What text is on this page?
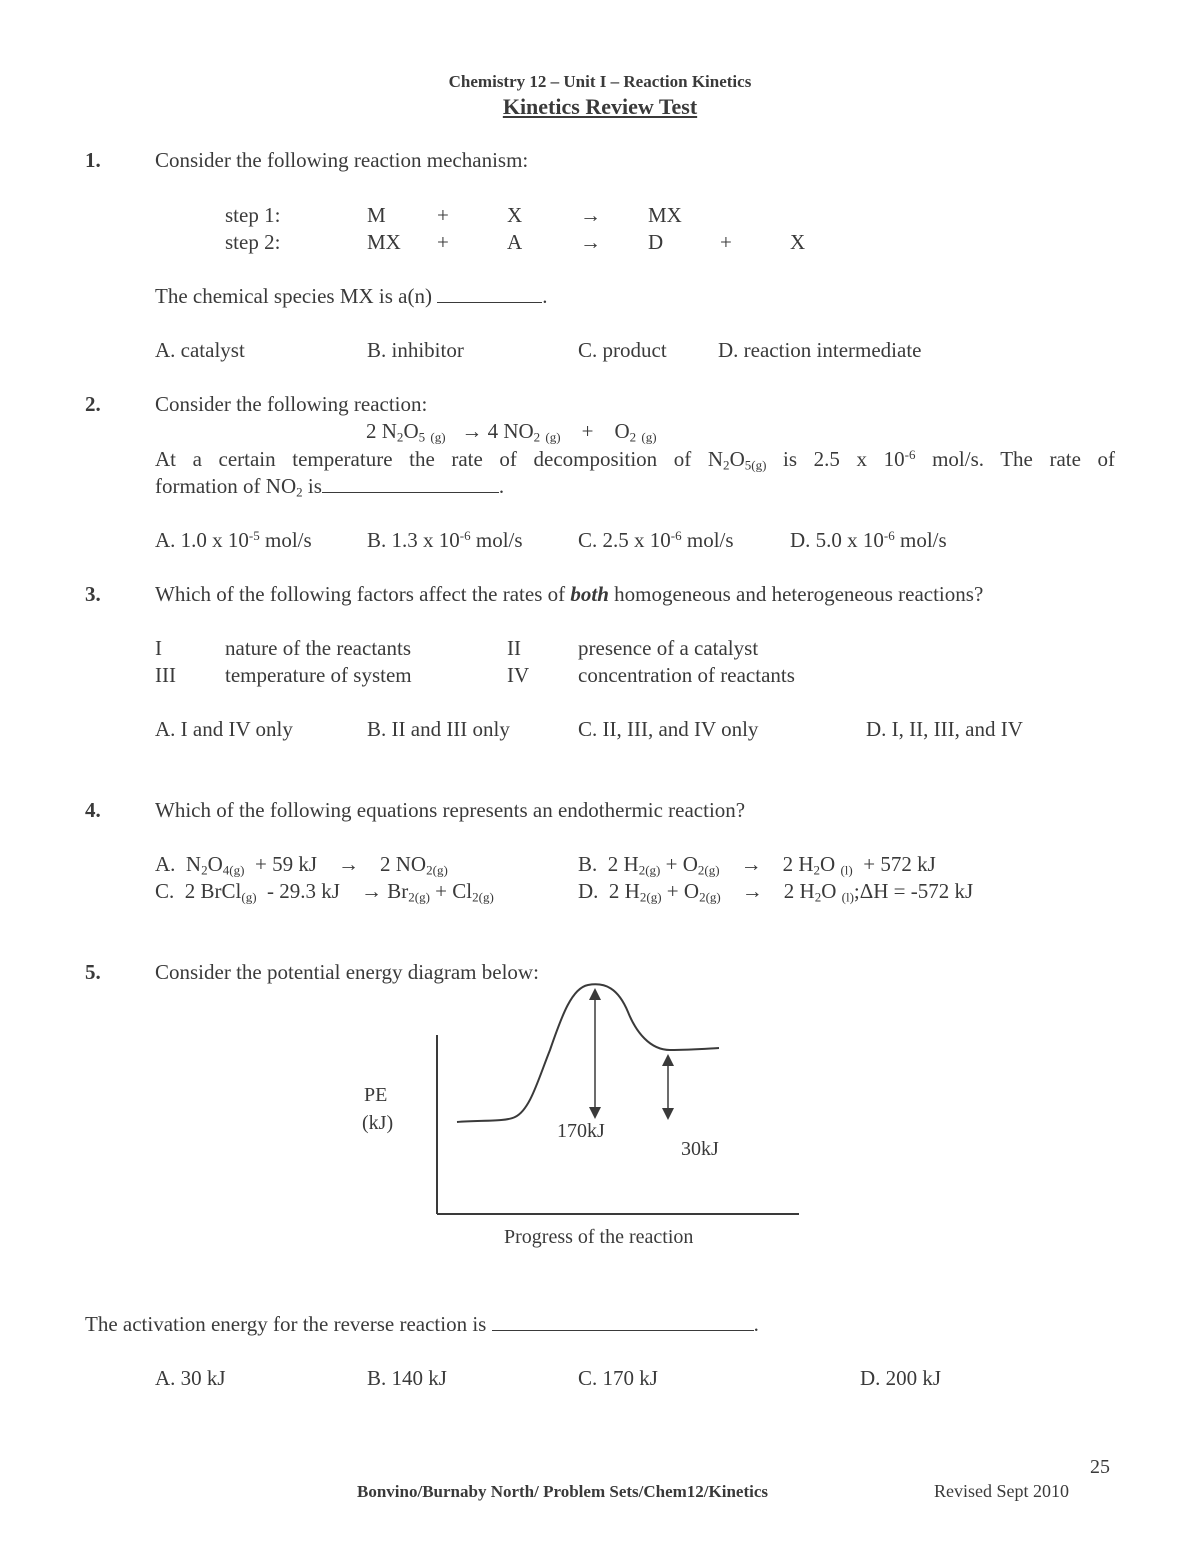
Chemistry 12 – Unit I – Reaction Kinetics
Kinetics Review Test
1.	Consider the following reaction mechanism:
step 1:	M +	X	→ MX
step 2:	MX +	A	→ D	+	X
The chemical species MX is a(n)	.
A. catalyst	B. inhibitor	C. product D. reaction intermediate
2.	Consider the following reaction:
2 $N_2O_5$ $_{(g)}$ → 4 $NO_2$ $_{(g)} + O_2$ $_{(g)}$
At a certain temperature the rate of decomposition of $N_2O_{5(g)}$ is 2.5 x $10^{-6}$ mol/s. The rate of
formation of $NO_2$ is	.
A. 1.0 x $10^{-5}$ mol/s	B. 1.3 x $10^{-6}$ mol/s	C. 2.5 x $10^{-6}$ mol/s	D. 5.0 x $10^{-6}$ mol/s
3.	Which of the following factors affect the rates of both homogeneous and heterogeneous reactions?
I	nature of the reactants	II	presence of a catalyst
III temperature of system	IV concentration of reactants
A. I and IV only	B. II and III only	C. II, III, and IV only	D. I, II, III, and IV
4.	Which of the following equations represents an endothermic reaction?
A. $N_2O_{4(g)} + 59$ kJ → 2 $NO_{2(g)}$	B. 2 $H_{2(g)} + O_{2(g)} \to 2$ $H_2O$ $_{(l)}$ + 572 kJ
C. 2 BrCl$_{(g)}$ - 29.3 kJ → $Br_{2(g)} + Cl_{2(g)}$	D. 2 $H_{2(g)} + O_{2(g)} \to 2$ $H_2O$ $_{(l)}$;ΔH = -572 kJ
5.	Consider the potential energy diagram below:
PE
(kJ)	170kJ
30kJ
Progress of the reaction
The activation energy for the reverse reaction is	.
A. 30 kJ	B. 140 kJ	C. 170 kJ	D. 200 kJ
25
Bonvino/Burnaby North/ Problem Sets/Chem12/Kinetics	Revised Sept 2010
